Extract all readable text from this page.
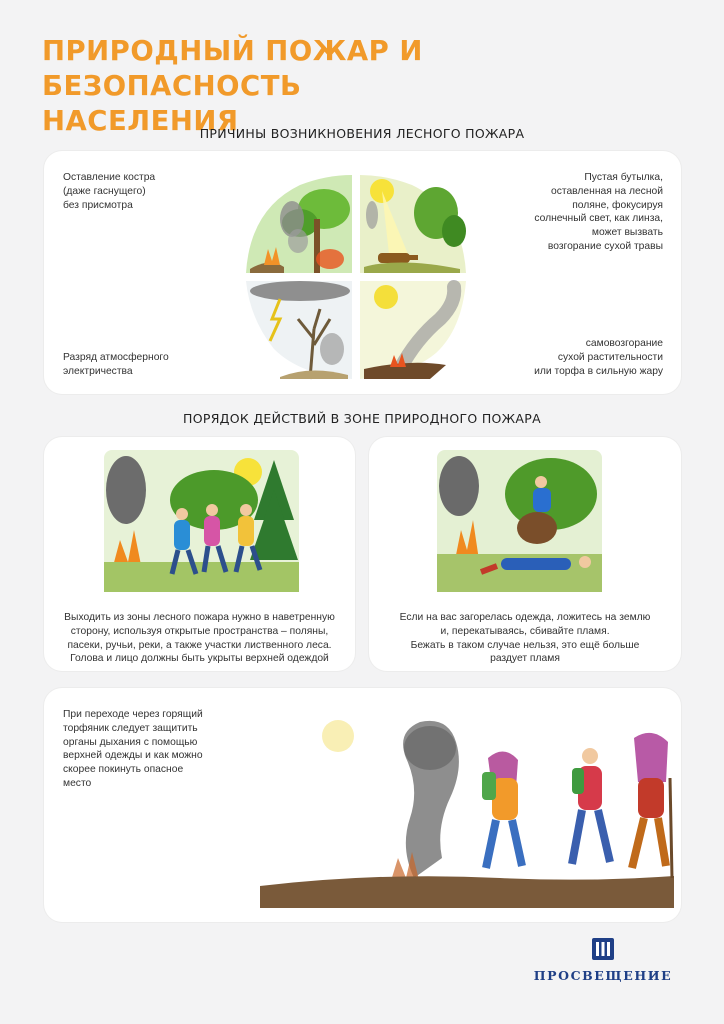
ПРИРОДНЫЙ ПОЖАР И БЕЗОПАСНОСТЬ
НАСЕЛЕНИЯ
ПРИЧИНЫ ВОЗНИКНОВЕНИЯ ЛЕСНОГО ПОЖАРА
Оставление костра
(даже гаснущего)
без присмотра
Пустая бутылка,
оставленная на лесной
поляне, фокусируя
солнечный свет, как линза,
может вызвать
возгорание сухой травы
Разряд атмосферного
электричества
самовозгорание
сухой растительности
или торфа в сильную жару
ПОРЯДОК ДЕЙСТВИЙ В ЗОНЕ ПРИРОДНОГО ПОЖАРА
Выходить из зоны лесного пожара нужно в наветренную
сторону, используя открытые пространства – поляны,
пасеки, ручьи, реки, а также участки лиственного леса.
Голова и лицо должны быть укрыты верхней одеждой
Если на вас загорелась одежда, ложитесь на землю
и, перекатываясь, сбивайте пламя.
Бежать в таком случае нельзя, это ещё больше
раздует пламя
При переходе через горящий
торфяник следует защитить
органы дыхания с помощью
верхней одежды и как можно
скорее покинуть опасное
место
ПРОСВЕЩЕНИЕ
